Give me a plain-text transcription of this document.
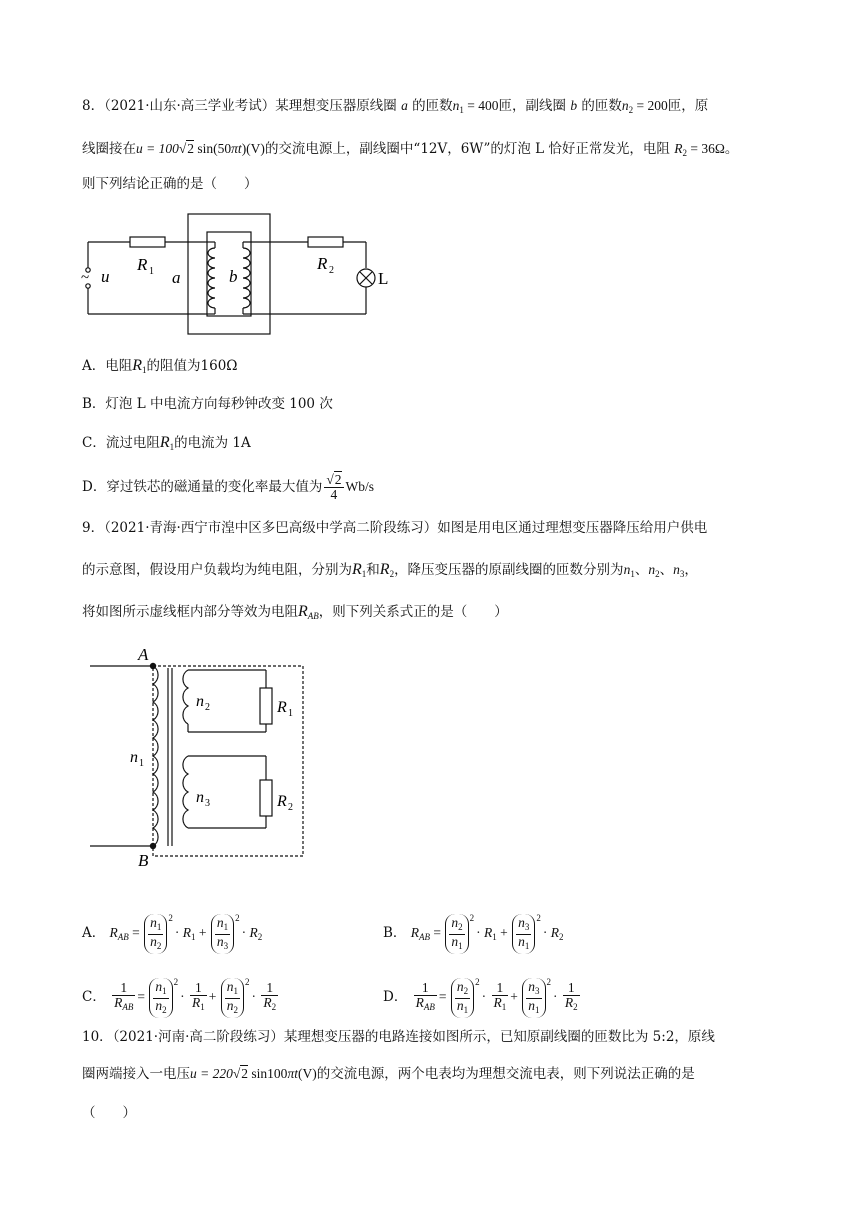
8．（2021·山东·高三学业考试）某理想变压器原线圈 a 的匝数$n_1 = 400$匝，副线圈 b 的匝数$n_2 = 200$匝，原
线圈接在u = 100√2 sin(50πt)(V)的交流电源上，副线圈中“12V，6W”的灯泡 L 恰好正常发光，电阻 $R_2 = 36\Omega$。
则下列结论正确的是（　　）
R 1	R 2
a	b
~ u	L
A．电阻$R_1$的阻值为160Ω
B．灯泡 L 中电流方向每秒钟改变 100 次
C．流过电阻$R_1$的电流为 1A
D．穿过铁芯的磁通量的变化率最大值为 $\frac{√2}{4} Wb/s$
9．（2021·青海·西宁市湟中区多巴高级中学高二阶段练习）如图是用电区通过理想变压器降压给用户供电
的示意图，假设用户负载均为纯电阻，分别为$R_1$和$R_2$，降压变压器的原副线圈的匝数分别为$n_1$、$n_2$、$n_3$，
将如图所示虚线框内部分等效为电阻$R_{AB}$，则下列关系式正的是（　　）
A
B
n 1
n 2
n 3
R 1
R 2
A． $R_{AB} = \frac{n_1}{n_2} 2\cdot R_1 + \frac{n_1}{n_3} 2\cdot R_2$	B． $R_{AB} = \frac{n_2}{n_1} 2\cdot R_1 + \frac{n_3}{n_1} 2\cdot R_2$
C． $\frac{1}{R_{AB}} = \frac{n_1}{n_2} 2\cdot \frac{1}{R_1} + \frac{n_1}{n_2} 2\cdot \frac{1}{R_2}$	D． $\frac{1}{R_{AB}} = \frac{n_2}{n_1} 2\cdot \frac{1}{R_1} + \frac{n_3}{n_1} 2\cdot \frac{1}{R_2}$
10．（2021·河南·高二阶段练习）某理想变压器的电路连接如图所示，已知原副线圈的匝数比为 5:2，原线
圈两端接入一电压u = 220√2 sin100πt(V)的交流电源，两个电表均为理想交流电表，则下列说法正确的是
（　　）
